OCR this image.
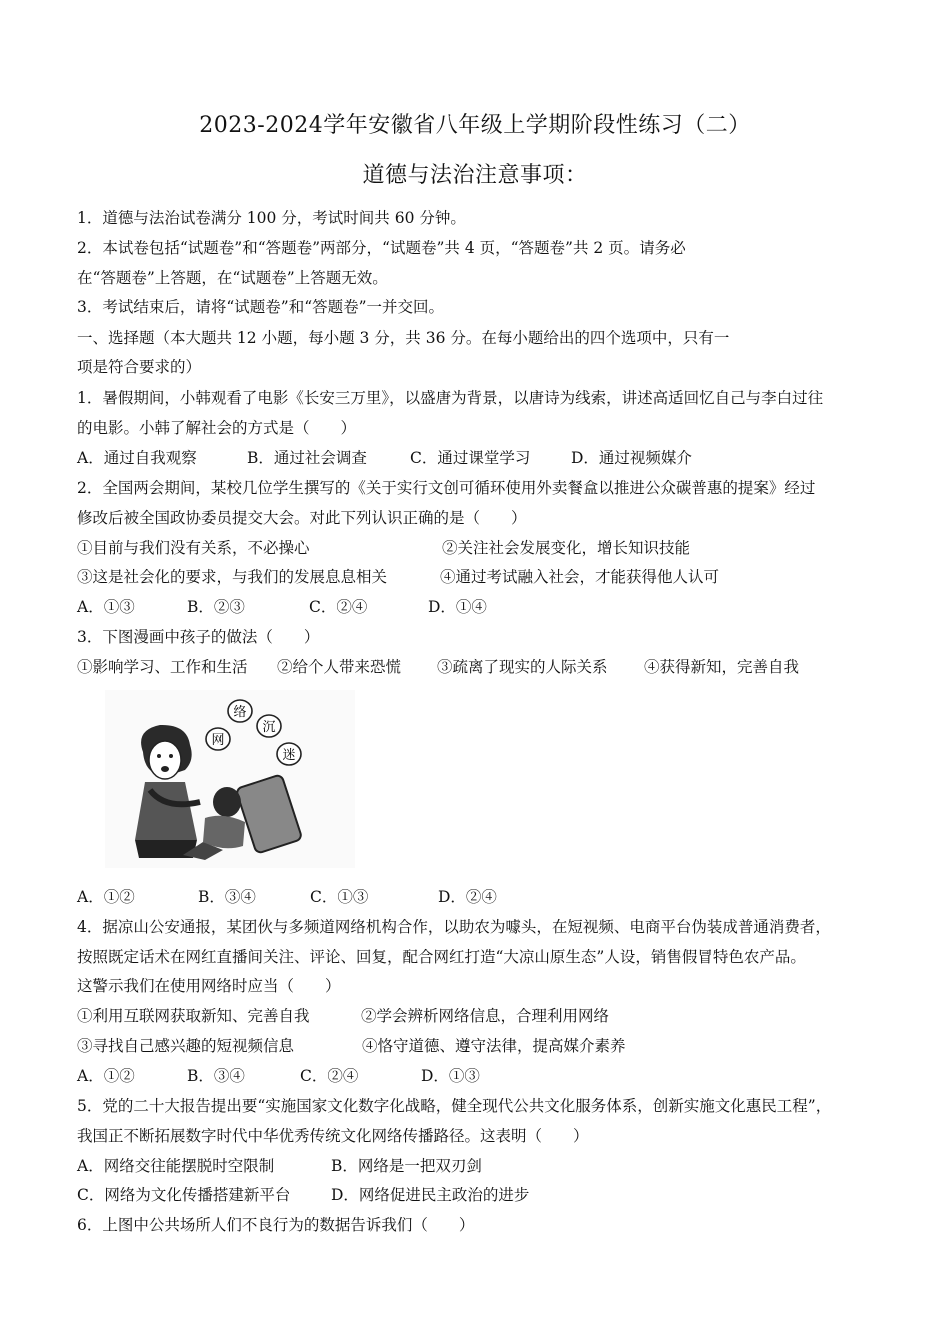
2023-2024学年安徽省八年级上学期阶段性练习（二）
道德与法治注意事项：
1．道德与法治试卷满分 100 分，考试时间共 60 分钟。
2．本试卷包括“试题卷”和“答题卷”两部分，“试题卷”共 4 页，“答题卷”共 2 页。请务必
在“答题卷”上答题，在“试题卷”上答题无效。
3．考试结束后，请将“试题卷”和“答题卷”一并交回。
一、选择题（本大题共 12 小题，每小题 3 分，共 36 分。在每小题给出的四个选项中，只有一
项是符合要求的）
1．暑假期间，小韩观看了电影《长安三万里》，以盛唐为背景，以唐诗为线索，讲述高适回忆自己与李白过往
的电影。小韩了解社会的方式是（　　）
A．通过自我观察	B．通过社会调查	C．通过课堂学习	D．通过视频媒介
2．全国两会期间，某校几位学生撰写的《关于实行文创可循环使用外卖餐盒以推进公众碳普惠的提案》经过
修改后被全国政协委员提交大会。对此下列认识正确的是（　　）
①目前与我们没有关系，不必操心	②关注社会发展变化，增长知识技能
③这是社会化的要求，与我们的发展息息相关	④通过考试融入社会，才能获得他人认可
A．①③	B．②③	C．②④	D．①④
3．下图漫画中孩子的做法（　　）
①影响学习、工作和生活 ②给个人带来恐慌 ③疏离了现实的人际关系 ④获得新知，完善自我
网
络
沉
迷
A．①②	B．③④	C．①③	D．②④
4．据凉山公安通报，某团伙与多频道网络机构合作，以助农为噱头，在短视频、电商平台伪装成普通消费者，
按照既定话术在网红直播间关注、评论、回复，配合网红打造“大凉山原生态”人设，销售假冒特色农产品。
这警示我们在使用网络时应当（　　）
①利用互联网获取新知、完善自我	②学会辨析网络信息，合理利用网络
③寻找自己感兴趣的短视频信息	④恪守道德、遵守法律，提高媒介素养
A．①②	B．③④	C．②④	D．①③
5．党的二十大报告提出要“实施国家文化数字化战略，健全现代公共文化服务体系，创新实施文化惠民工程”，
我国正不断拓展数字时代中华优秀传统文化网络传播路径。这表明（　　）
A．网络交往能摆脱时空限制	B．网络是一把双刃剑
C．网络为文化传播搭建新平台	D．网络促进民主政治的进步
6．上图中公共场所人们不良行为的数据告诉我们（　　）
